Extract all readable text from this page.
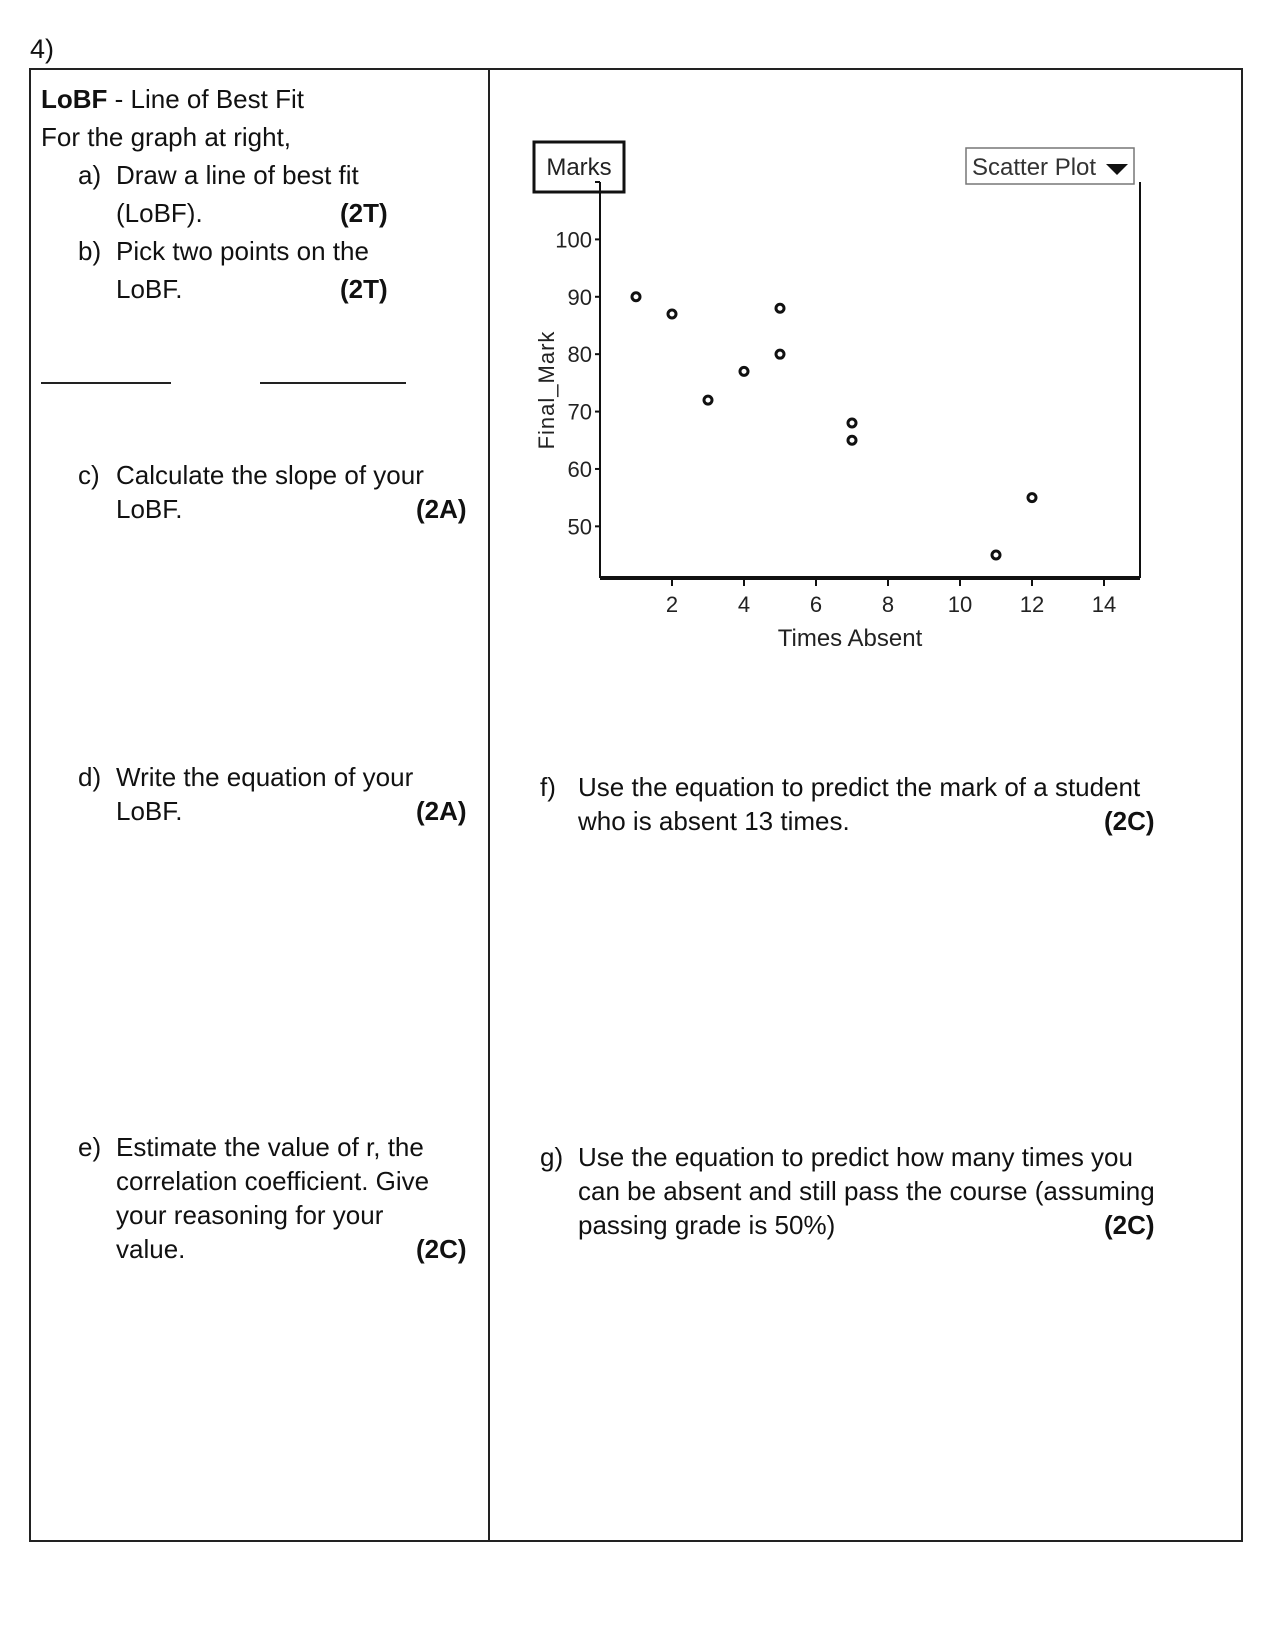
4)
LoBF - Line of Best Fit
For the graph at right,
a) Draw a line of best fit
(LoBF).	(2T)
b) Pick two points on the
LoBF.	(2T)
c) Calculate the slope of your
LoBF.	(2A)
d) Write the equation of your
LoBF.	(2A)
e) Estimate the value of r, the
correlation coefficient. Give
your reasoning for your
value.	(2C)
f) Use the equation to predict the mark of a student
who is absent 13 times.	(2C)
g) Use the equation to predict how many times you
can be absent and still pass the course (assuming
passing grade is 50%)	(2C)
Marks	Scatter Plot
50
60
70
80
90
100
2	4	6	8 10 12 14
Times Absent
Final_Mark
